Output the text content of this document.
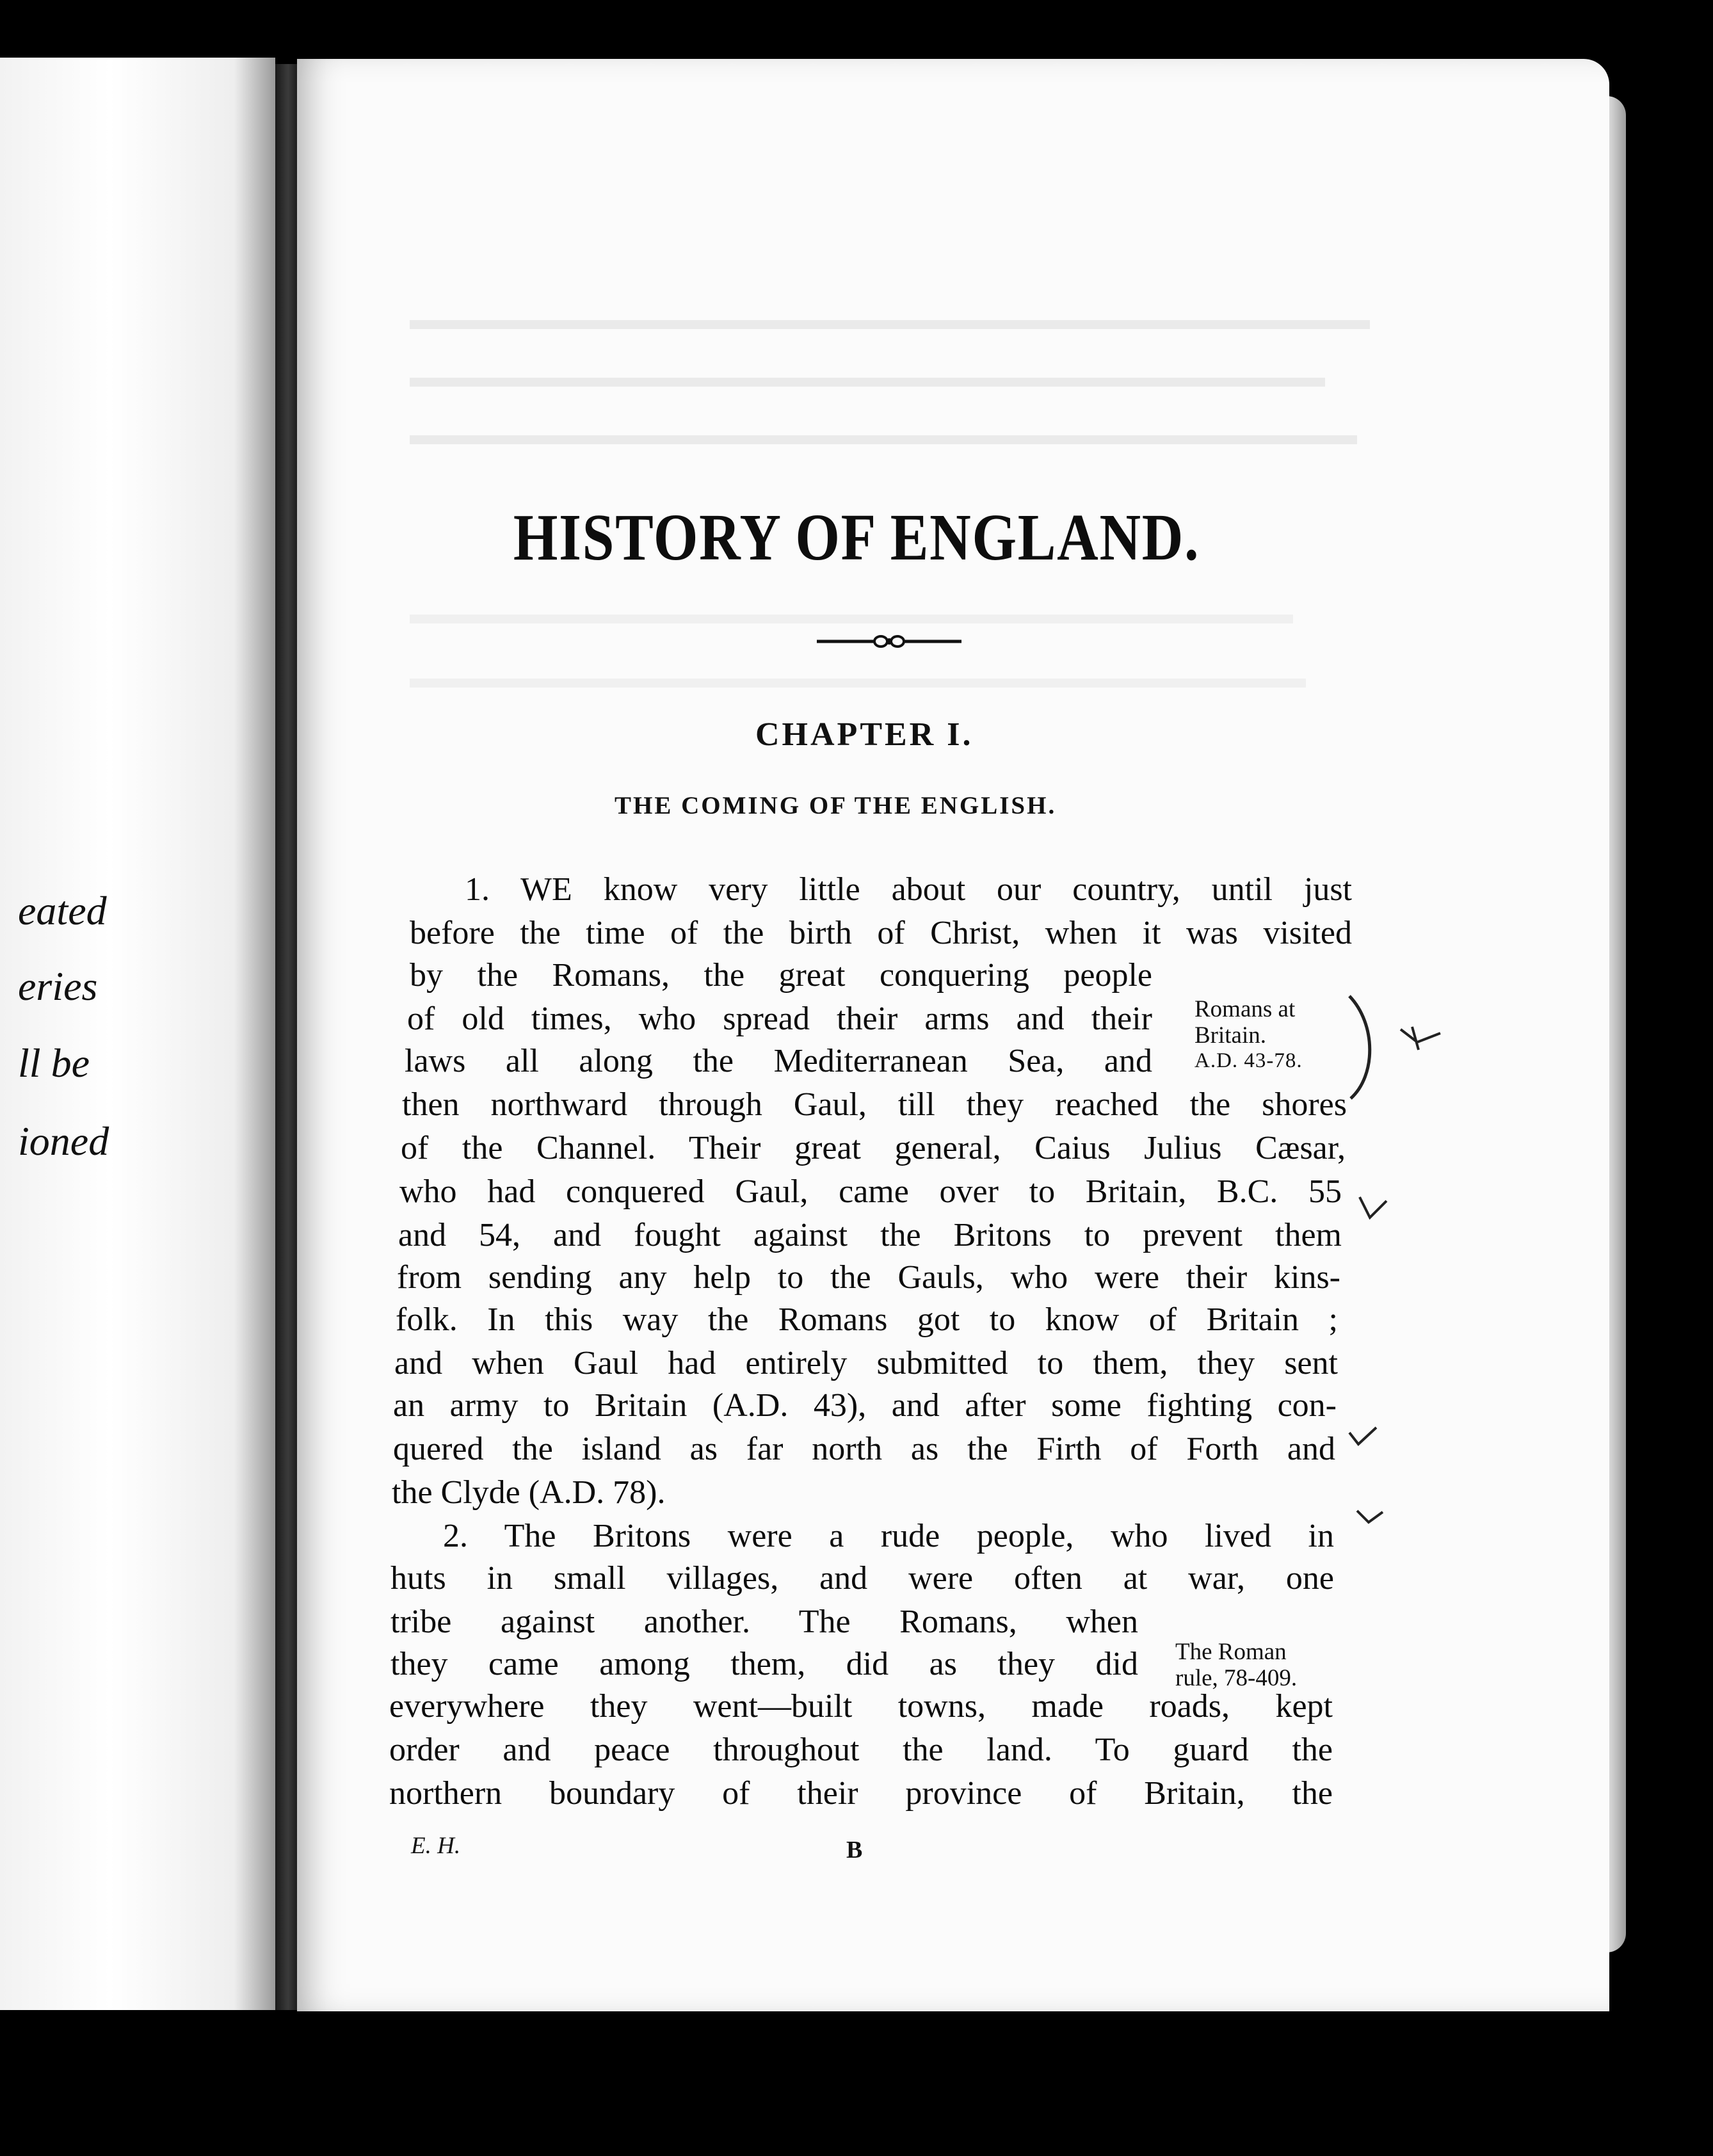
eated
eries
ll be
ioned
HISTORY OF ENGLAND.
CHAPTER I.
THE COMING OF THE ENGLISH.
1. WE know very little about our country, until just
before the time of the birth of Christ, when it was visited
by the Romans, the great conquering people
of old times, who spread their arms and their
laws all along the Mediterranean Sea, and
then northward through Gaul, till they reached the shores
of the Channel. Their great general, Caius Julius Cæsar,
who had conquered Gaul, came over to Britain, B.C. 55
and 54, and fought against the Britons to prevent them
from sending any help to the Gauls, who were their kins-
folk. In this way the Romans got to know of Britain ;
and when Gaul had entirely submitted to them, they sent
an army to Britain (A.D. 43), and after some fighting con-
quered the island as far north as the Firth of Forth and
the Clyde (A.D. 78).
2. The Britons were a rude people, who lived in
huts in small villages, and were often at war, one
tribe against another. The Romans, when
they came among them, did as they did
everywhere they went—built towns, made roads, kept
order and peace throughout the land. To guard the
northern boundary of their province of Britain, the
Romans at
Britain.
A.D. 43-78.
The Roman
rule, 78-409.
E. H.	B
